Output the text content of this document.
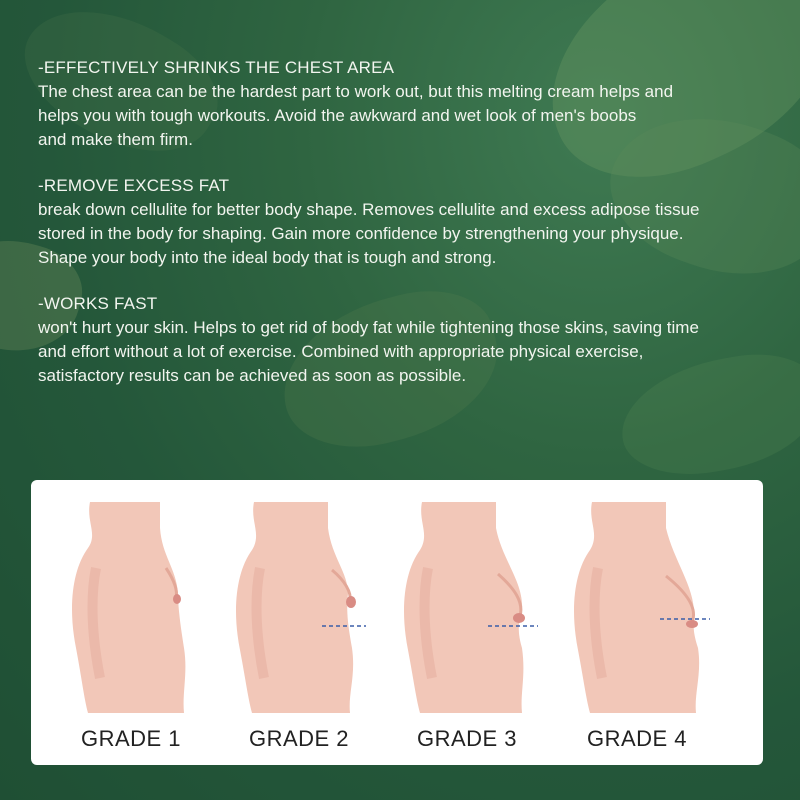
-EFFECTIVELY SHRINKS THE CHEST AREA

The chest area can be the hardest part to work out, but this melting cream helps and

helps you with tough workouts. Avoid the awkward and wet look of men's boobs

and make them firm.

-REMOVE EXCESS FAT

break down cellulite for better body shape. Removes cellulite and excess adipose tissue

stored in the body for shaping. Gain more confidence by strengthening your physique.

Shape your body into the ideal body that is tough and strong.

-WORKS FAST

won't hurt your skin. Helps to get rid of body fat while tightening those skins, saving time

and effort without a lot of exercise. Combined with appropriate physical exercise,

satisfactory results can be achieved as soon as possible.

GRADE 1	GRADE 2	GRADE 3	GRADE 4
